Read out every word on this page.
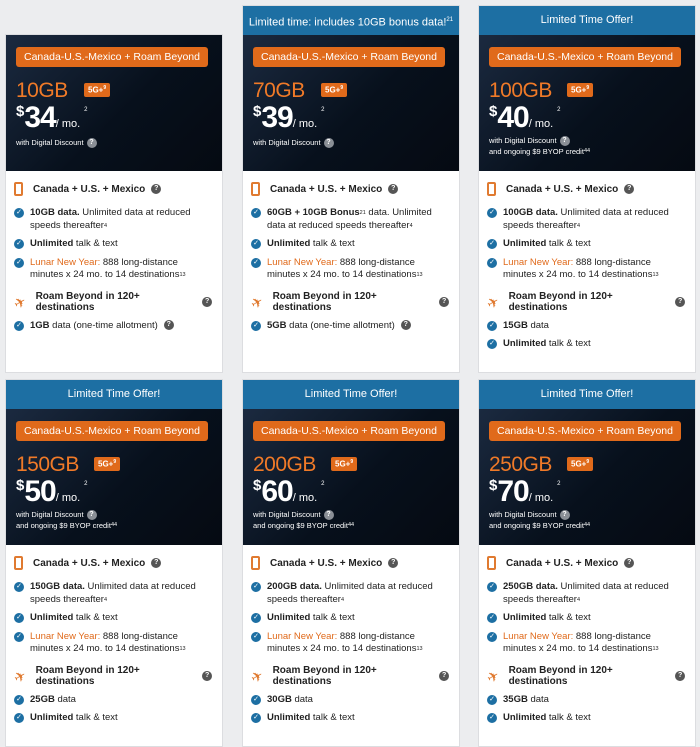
Canada-U.S.-Mexico + Roam Beyond
10GB	5G+$^9$
$34/ mo.$^2$
with Digital Discount ?
Canada + U.S. + Mexico	?
✓ 10GB data. Unlimited data at reduced speeds thereafter$^4$
✓ Unlimited talk & text
✓ Lunar New Year: 888 long-distance minutes x 24 mo. to 14 destinations$^{13}$
✈ Roam Beyond in 120+ destinations
?
✓ 1GB data (one-time allotment) ?
Limited time: includes 10GB bonus data!$^{21}$
Canada-U.S.-Mexico + Roam Beyond
70GB	5G+$^9$
$39/ mo.$^2$
with Digital Discount ?
Canada + U.S. + Mexico	?
✓ 60GB + 10GB Bonus$^{21}$ data. Unlimited data at reduced speeds thereafter$^4$
✓ Unlimited talk & text
✓ Lunar New Year: 888 long-distance minutes x 24 mo. to 14 destinations$^{13}$
✈ Roam Beyond in 120+ destinations
?
✓ 5GB data (one-time allotment) ?
Limited Time Offer!
Canada-U.S.-Mexico + Roam Beyond
100GB	5G+$^9$
$40/ mo.$^2$
with Digital Discount ?
and ongoing $9 BYOP credit$^{44}$
Canada + U.S. + Mexico	?
✓ 100GB data. Unlimited data at reduced speeds thereafter$^4$
✓ Unlimited talk & text
✓ Lunar New Year: 888 long-distance minutes x 24 mo. to 14 destinations$^{13}$
✈ Roam Beyond in 120+ destinations
?
✓ 15GB data
✓ Unlimited talk & text
Limited Time Offer!
Canada-U.S.-Mexico + Roam Beyond
150GB	5G+$^9$
$50/ mo.$^2$
with Digital Discount ?
and ongoing $9 BYOP credit$^{44}$
Canada + U.S. + Mexico	?
✓ 150GB data. Unlimited data at reduced speeds thereafter$^4$
✓ Unlimited talk & text
✓ Lunar New Year: 888 long-distance minutes x 24 mo. to 14 destinations$^{13}$
✈ Roam Beyond in 120+ destinations
?
✓ 25GB data
✓ Unlimited talk & text
Limited Time Offer!
Canada-U.S.-Mexico + Roam Beyond
200GB	5G+$^9$
$60/ mo.$^2$
with Digital Discount ?
and ongoing $9 BYOP credit$^{44}$
Canada + U.S. + Mexico	?
✓ 200GB data. Unlimited data at reduced speeds thereafter$^4$
✓ Unlimited talk & text
✓ Lunar New Year: 888 long-distance minutes x 24 mo. to 14 destinations$^{13}$
✈ Roam Beyond in 120+ destinations
?
✓ 30GB data
✓ Unlimited talk & text
Limited Time Offer!
Canada-U.S.-Mexico + Roam Beyond
250GB	5G+$^9$
$70/ mo.$^2$
with Digital Discount ?
and ongoing $9 BYOP credit$^{44}$
Canada + U.S. + Mexico	?
✓ 250GB data. Unlimited data at reduced speeds thereafter$^4$
✓ Unlimited talk & text
✓ Lunar New Year: 888 long-distance minutes x 24 mo. to 14 destinations$^{13}$
✈ Roam Beyond in 120+ destinations
?
✓ 35GB data
✓ Unlimited talk & text
